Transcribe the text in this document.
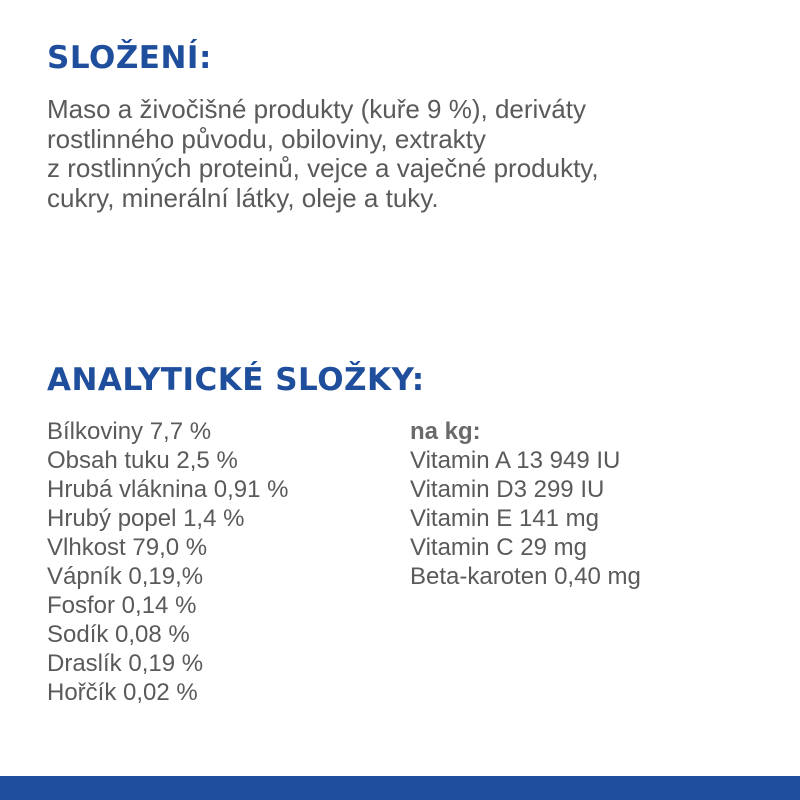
SLOŽENÍ:

Maso a živočišné produkty (kuře 9 %), deriváty
rostlinného původu, obiloviny, extrakty
z rostlinných proteinů, vejce a vaječné produkty,
cukry, minerální látky, oleje a tuky.

ANALYTICKÉ SLOŽKY:
Bílkoviny 7,7 %
Obsah tuku 2,5 %
Hrubá vláknina 0,91 %
Hrubý popel 1,4 %
Vlhkost 79,0 %
Vápník 0,19,%
Fosfor 0,14 %
Sodík 0,08 %
Draslík 0,19 %
Hořčík 0,02 %
na kg:
Vitamin A 13 949 IU
Vitamin D3 299 IU
Vitamin E 141 mg
Vitamin C 29 mg
Beta-karoten 0,40 mg
